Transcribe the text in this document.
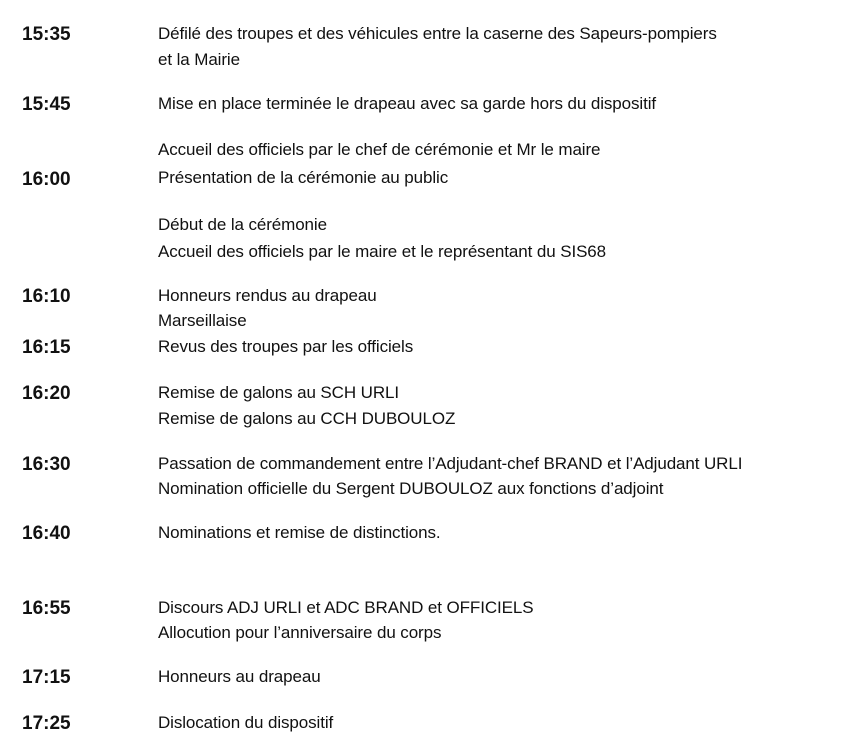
15:35
15:45
16:00
16:10
16:15
16:20
16:30
16:40
16:55
17:15
17:25
Défilé des troupes et des véhicules entre la caserne des Sapeurs-pompiers
et la Mairie
Mise en place terminée le drapeau avec sa garde hors du dispositif
Accueil des officiels par le chef de cérémonie et Mr le maire
Présentation de la cérémonie au public
Début de la cérémonie
Accueil des officiels par le maire et le représentant du SIS68
Honneurs rendus au drapeau
Marseillaise
Revus des troupes par les officiels
Remise de galons au SCH URLI
Remise de galons au CCH DUBOULOZ
Passation de commandement entre l’Adjudant-chef BRAND et l’Adjudant URLI
Nomination officielle du Sergent DUBOULOZ aux fonctions d’adjoint
Nominations et remise de distinctions.
Discours ADJ URLI et ADC BRAND et OFFICIELS
Allocution pour l’anniversaire du corps
Honneurs au drapeau
Dislocation du dispositif
